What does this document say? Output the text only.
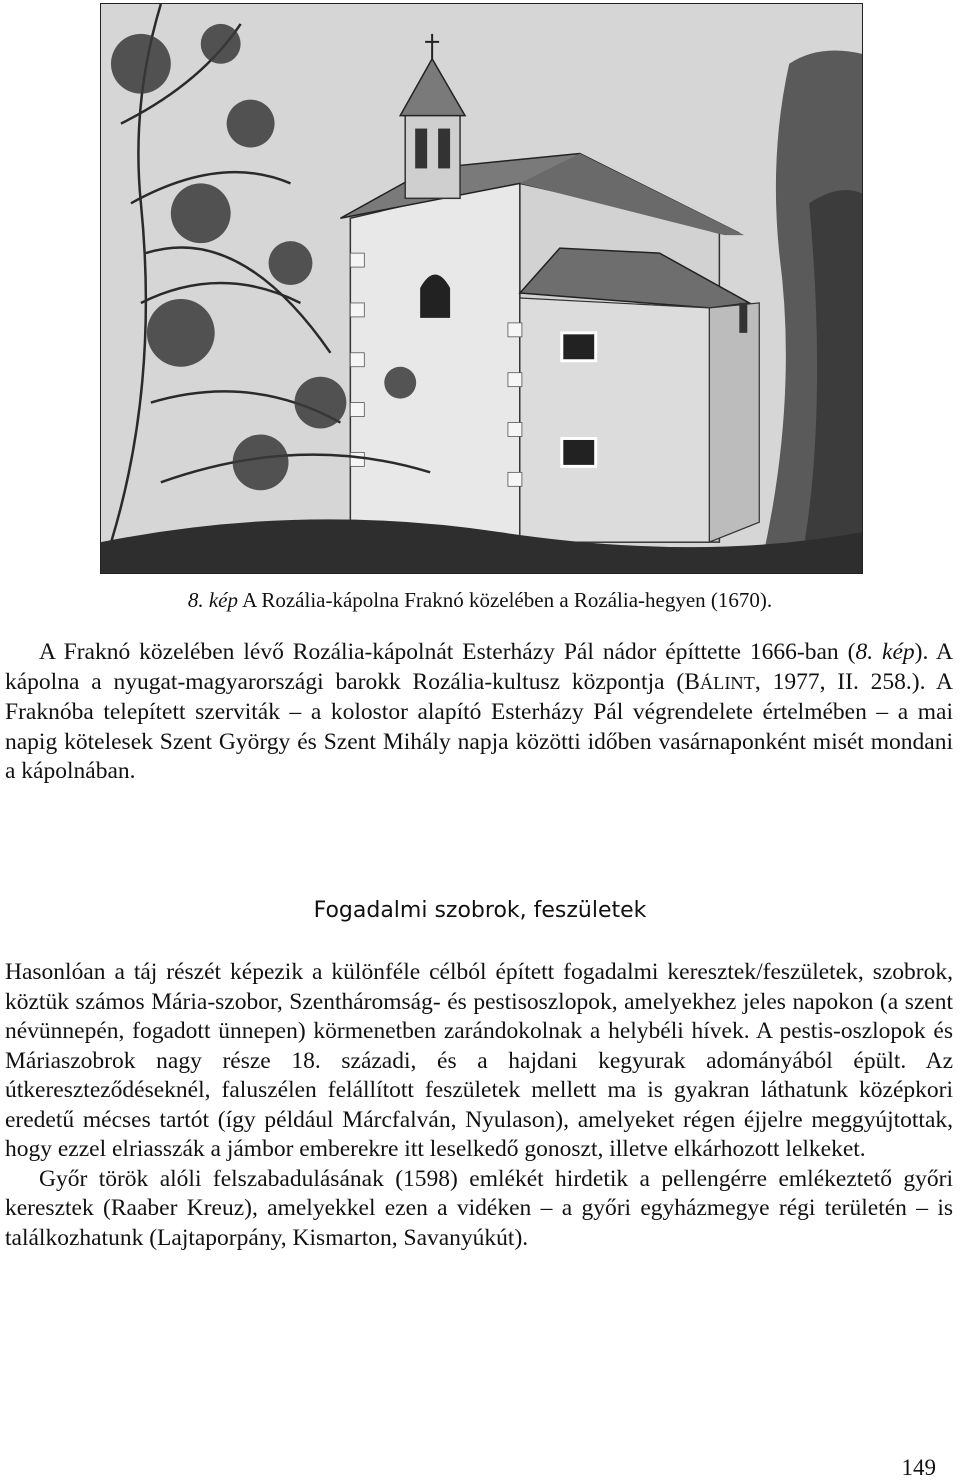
8. kép A Rozália-kápolna Fraknó közelében a Rozália-hegyen (1670).

A Fraknó közelében lévő Rozália-kápolnát Esterházy Pál nádor építtette 1666-ban (8. kép). A kápolna a nyugat-magyarországi barokk Rozália-kultusz központja (BÁLINT, 1977, II. 258.). A Fraknóba telepített szerviták – a kolostor alapító Esterházy Pál végrendelete értelmében – a mai napig kötelesek Szent György és Szent Mihály napja közötti időben vasárnaponként misét mondani a kápolnában.

Fogadalmi szobrok, feszületek

Hasonlóan a táj részét képezik a különféle célból épített fogadalmi keresztek/feszületek, szobrok, köztük számos Mária-szobor, Szentháromság- és pestisoszlopok, amelyekhez jeles napokon (a szent névünnepén, fogadott ünnepen) körmenetben zarándokolnak a helybéli hívek. A pestis-oszlopok és Máriaszobrok nagy része 18. századi, és a hajdani kegyurak adományából épült. Az útkereszteződéseknél, faluszélen felállított feszületek mellett ma is gyakran láthatunk középkori eredetű mécses tartót (így például Márcfalván, Nyulason), amelyeket régen éjjelre meggyújtottak, hogy ezzel elriasszák a jámbor emberekre itt leselkedő gonoszt, illetve elkárhozott lelkeket.

Győr török alóli felszabadulásának (1598) emlékét hirdetik a pellengérre emlékeztető győri keresztek (Raaber Kreuz), amelyekkel ezen a vidéken – a győri egyházmegye régi területén – is találkozhatunk (Lajtaporpány, Kismarton, Savanyúkút).

149
